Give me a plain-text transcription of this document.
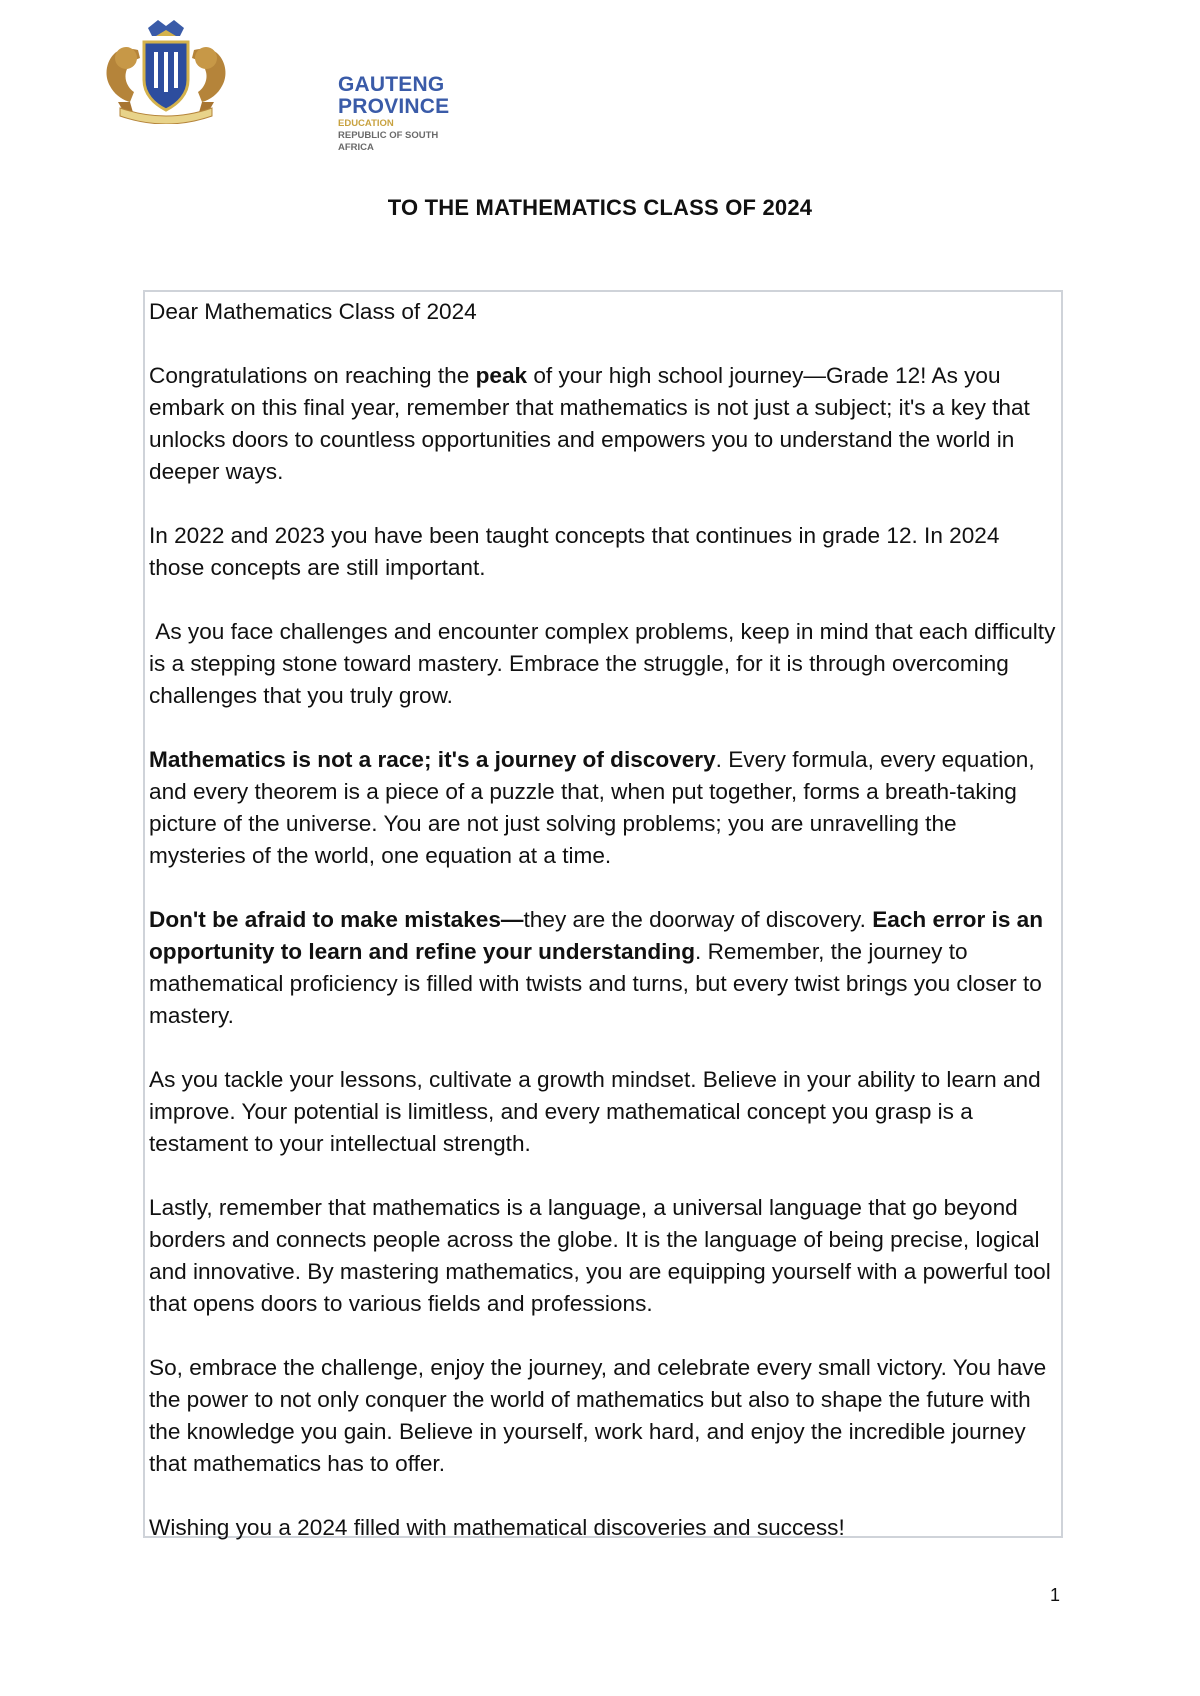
GAUTENG PROVINCE
EDUCATION
REPUBLIC OF SOUTH AFRICA
TO THE MATHEMATICS CLASS OF 2024

Dear Mathematics Class of 2024

Congratulations on reaching the peak of your high school journey—Grade 12! As you embark on this final year, remember that mathematics is not just a subject; it's a key that unlocks doors to countless opportunities and empowers you to understand the world in deeper ways.

In 2022 and 2023 you have been taught concepts that continues in grade 12. In 2024 those concepts are still important.

As you face challenges and encounter complex problems, keep in mind that each difficulty is a stepping stone toward mastery. Embrace the struggle, for it is through overcoming challenges that you truly grow.

Mathematics is not a race; it's a journey of discovery. Every formula, every equation, and every theorem is a piece of a puzzle that, when put together, forms a breath-taking picture of the universe. You are not just solving problems; you are unravelling the mysteries of the world, one equation at a time.

Don't be afraid to make mistakes—they are the doorway of discovery. Each error is an opportunity to learn and refine your understanding. Remember, the journey to mathematical proficiency is filled with twists and turns, but every twist brings you closer to mastery.

As you tackle your lessons, cultivate a growth mindset. Believe in your ability to learn and improve. Your potential is limitless, and every mathematical concept you grasp is a testament to your intellectual strength.

Lastly, remember that mathematics is a language, a universal language that go beyond borders and connects people across the globe. It is the language of being precise, logical and innovative. By mastering mathematics, you are equipping yourself with a powerful tool that opens doors to various fields and professions.

So, embrace the challenge, enjoy the journey, and celebrate every small victory. You have the power to not only conquer the world of mathematics but also to shape the future with the knowledge you gain. Believe in yourself, work hard, and enjoy the incredible journey that mathematics has to offer.

Wishing you a 2024 filled with mathematical discoveries and success!

1
